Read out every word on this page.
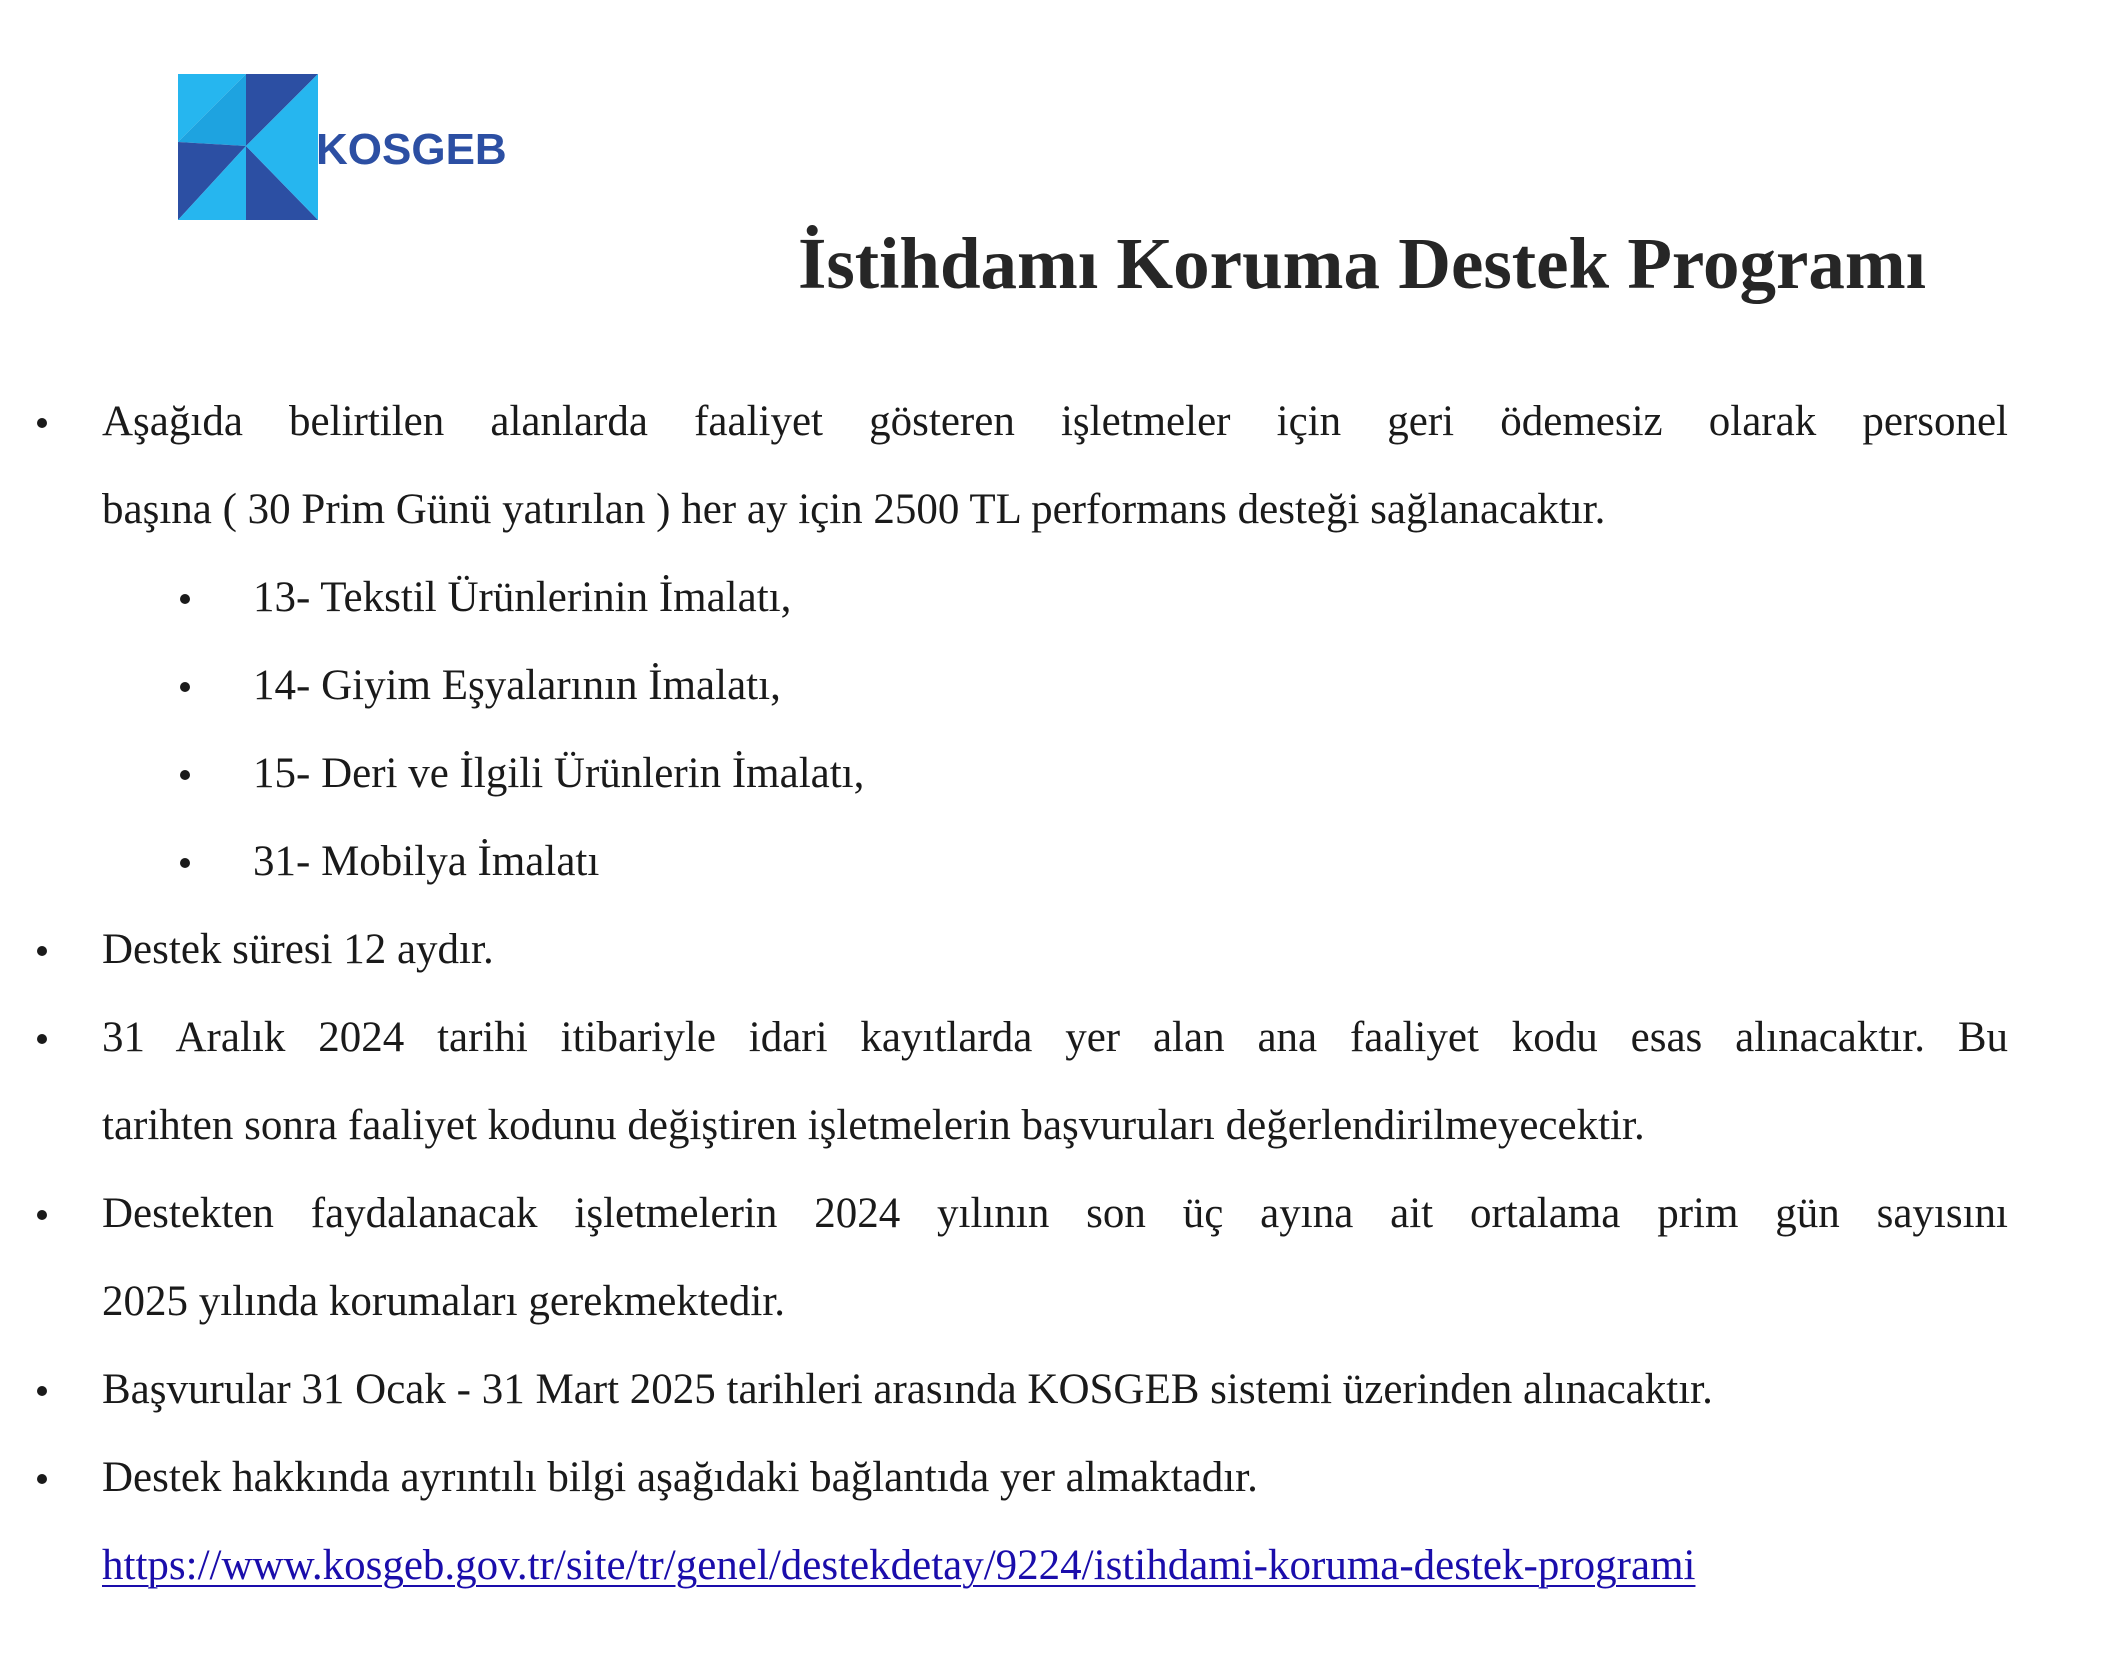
KOSGEB
İstihdamı Koruma Destek Programı
Aşağıda belirtilen alanlarda faaliyet gösteren işletmeler için geri ödemesiz olarak personel
başına ( 30 Prim Günü yatırılan ) her ay için 2500 TL performans desteği sağlanacaktır.
13- Tekstil Ürünlerinin İmalatı,
14- Giyim Eşyalarının İmalatı,
15- Deri ve İlgili Ürünlerin İmalatı,
31- Mobilya İmalatı
Destek süresi 12 aydır.
31 Aralık 2024 tarihi itibariyle idari kayıtlarda yer alan ana faaliyet kodu esas alınacaktır. Bu
tarihten sonra faaliyet kodunu değiştiren işletmelerin başvuruları değerlendirilmeyecektir.
Destekten faydalanacak işletmelerin 2024 yılının son üç ayına ait ortalama prim gün sayısını
2025 yılında korumaları gerekmektedir.
Başvurular 31 Ocak - 31 Mart 2025 tarihleri arasında KOSGEB sistemi üzerinden alınacaktır.
Destek hakkında ayrıntılı bilgi aşağıdaki bağlantıda yer almaktadır.
https://www.kosgeb.gov.tr/site/tr/genel/destekdetay/9224/istihdami-koruma-destek-programi
